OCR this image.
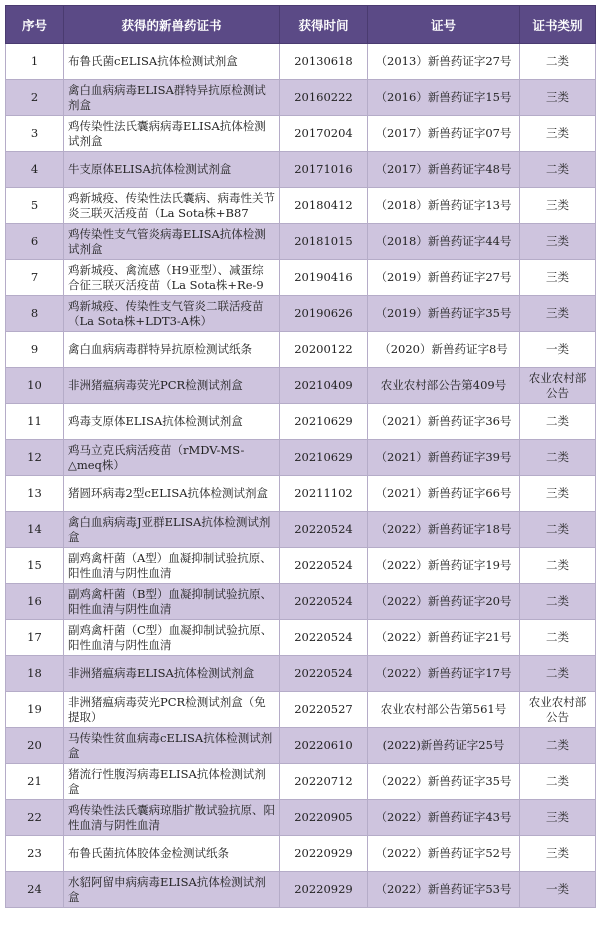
序号	获得的新兽药证书	获得时间	证号	证书类别
1	布鲁氏菌cELISA抗体检测试剂盒	20130618	（2013）新兽药证字27号	二类
2	禽白血病病毒ELISA群特异抗原检测试剂盒	20160222	（2016）新兽药证字15号	三类
3	鸡传染性法氏囊病病毒ELISA抗体检测试剂盒	20170204	（2017）新兽药证字07号	三类
4	牛支原体ELISA抗体检测试剂盒	20171016	（2017）新兽药证字48号	二类
5	鸡新城疫、传染性法氏囊病、病毒性关节炎三联灭活疫苗（La Sota株+B87	20180412	（2018）新兽药证字13号	三类
6	鸡传染性支气管炎病毒ELISA抗体检测试剂盒	20181015	（2018）新兽药证字44号	三类
7	鸡新城疫、禽流感（H9亚型）、减蛋综合征三联灭活疫苗（La Sota株+Re-9	20190416	（2019）新兽药证字27号	三类
8	鸡新城疫、传染性支气管炎二联活疫苗（La Sota株+LDT3-A株）	20190626	（2019）新兽药证字35号	三类
9	禽白血病病毒群特异抗原检测试纸条	20200122	（2020）新兽药证字8号	一类
10	非洲猪瘟病毒荧光PCR检测试剂盒	20210409	农业农村部公告第409号	农业农村部公告
11	鸡毒支原体ELISA抗体检测试剂盒	20210629	（2021）新兽药证字36号	二类
12	鸡马立克氏病活疫苗（rMDV-MS-△meq株）	20210629	（2021）新兽药证字39号	二类
13	猪圆环病毒2型cELISA抗体检测试剂盒	20211102	（2021）新兽药证字66号	三类
14	禽白血病病毒J亚群ELISA抗体检测试剂盒	20220524	（2022）新兽药证字18号	二类
15	副鸡禽杆菌（A型）血凝抑制试验抗原、阳性血清与阴性血清	20220524	（2022）新兽药证字19号	二类
16	副鸡禽杆菌（B型）血凝抑制试验抗原、阳性血清与阴性血清	20220524	（2022）新兽药证字20号	二类
17	副鸡禽杆菌（C型）血凝抑制试验抗原、阳性血清与阴性血清	20220524	（2022）新兽药证字21号	二类
18	非洲猪瘟病毒ELISA抗体检测试剂盒	20220524	（2022）新兽药证字17号	二类
19	非洲猪瘟病毒荧光PCR检测试剂盒（免提取）	20220527	农业农村部公告第561号	农业农村部公告
20	马传染性贫血病毒cELISA抗体检测试剂盒	20220610	(2022)新兽药证字25号	二类
21	猪流行性腹泻病毒ELISA抗体检测试剂盒	20220712	（2022）新兽药证字35号	二类
22	鸡传染性法氏囊病琼脂扩散试验抗原、阳性血清与阴性血清	20220905	（2022）新兽药证字43号	三类
23	布鲁氏菌抗体胶体金检测试纸条	20220929	（2022）新兽药证字52号	三类
24	水貂阿留申病病毒ELISA抗体检测试剂盒	20220929	（2022）新兽药证字53号	一类
